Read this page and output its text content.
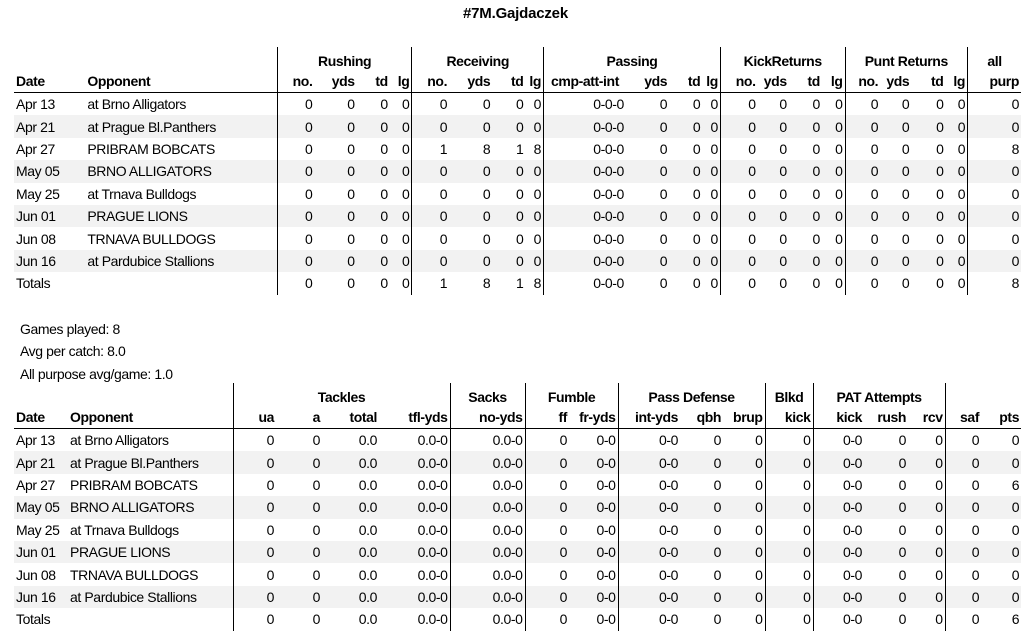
#7M.Gajdaczek
		Rushing				Receiving				Passing				KickReturns				Punt Returns				all
Date	Opponent	no.	yds	td	lg	no.	yds	td	lg	cmp-att-int	yds	td	lg	no.	yds	td	lg	no.	yds	td	lg	purp
Apr 13	at Brno Alligators	0	0	0	0	0	0	0	0	0-0-0	0	0	0	0	0	0	0	0	0	0	0	0
Apr 21	at Prague Bl.Panthers	0	0	0	0	0	0	0	0	0-0-0	0	0	0	0	0	0	0	0	0	0	0	0
Apr 27	PRIBRAM BOBCATS	0	0	0	0	1	8	1	8	0-0-0	0	0	0	0	0	0	0	0	0	0	0	8
May 05	BRNO ALLIGATORS	0	0	0	0	0	0	0	0	0-0-0	0	0	0	0	0	0	0	0	0	0	0	0
May 25	at Trnava Bulldogs	0	0	0	0	0	0	0	0	0-0-0	0	0	0	0	0	0	0	0	0	0	0	0
Jun 01	PRAGUE LIONS	0	0	0	0	0	0	0	0	0-0-0	0	0	0	0	0	0	0	0	0	0	0	0
Jun 08	TRNAVA BULLDOGS	0	0	0	0	0	0	0	0	0-0-0	0	0	0	0	0	0	0	0	0	0	0	0
Jun 16	at Pardubice Stallions	0	0	0	0	0	0	0	0	0-0-0	0	0	0	0	0	0	0	0	0	0	0	0
Totals		0	0	0	0	1	8	1	8	0-0-0	0	0	0	0	0	0	0	0	0	0	0	8
Games played: 8
Avg per catch: 8.0
All purpose avg/game: 1.0
		Tackles				Sacks	Fumble		Pass Defense			Blkd	PAT Attempts				
Date	Opponent	ua	a	total	tfl-yds	no-yds	ff	fr-yds	int-yds	qbh	brup	kick	kick	rush	rcv	saf	pts
Apr 13	at Brno Alligators	0	0	0.0	0.0-0	0.0-0	0	0-0	0-0	0	0	0	0-0	0	0	0	0
Apr 21	at Prague Bl.Panthers	0	0	0.0	0.0-0	0.0-0	0	0-0	0-0	0	0	0	0-0	0	0	0	0
Apr 27	PRIBRAM BOBCATS	0	0	0.0	0.0-0	0.0-0	0	0-0	0-0	0	0	0	0-0	0	0	0	6
May 05	BRNO ALLIGATORS	0	0	0.0	0.0-0	0.0-0	0	0-0	0-0	0	0	0	0-0	0	0	0	0
May 25	at Trnava Bulldogs	0	0	0.0	0.0-0	0.0-0	0	0-0	0-0	0	0	0	0-0	0	0	0	0
Jun 01	PRAGUE LIONS	0	0	0.0	0.0-0	0.0-0	0	0-0	0-0	0	0	0	0-0	0	0	0	0
Jun 08	TRNAVA BULLDOGS	0	0	0.0	0.0-0	0.0-0	0	0-0	0-0	0	0	0	0-0	0	0	0	0
Jun 16	at Pardubice Stallions	0	0	0.0	0.0-0	0.0-0	0	0-0	0-0	0	0	0	0-0	0	0	0	0
Totals		0	0	0.0	0.0-0	0.0-0	0	0-0	0-0	0	0	0	0-0	0	0	0	6
